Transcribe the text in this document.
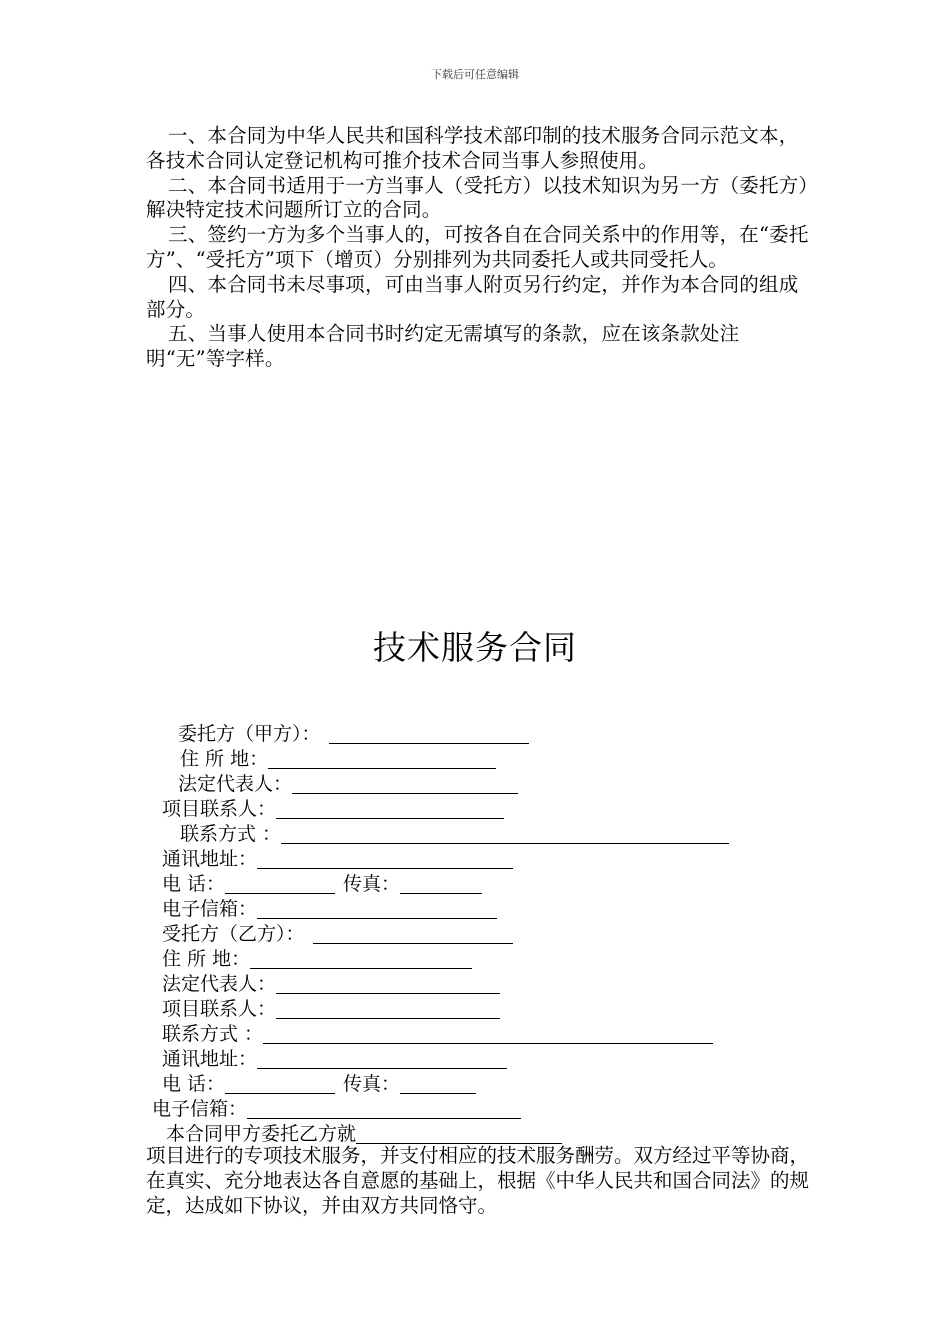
下载后可任意编辑

一、本合同为中华人民共和国科学技术部印制的技术服务合同示范文本，各技术合同认定登记机构可推介技术合同当事人参照使用。

二、本合同书适用于一方当事人（受托方）以技术知识为另一方（委托方）解决特定技术问题所订立的合同。

三、签约一方为多个当事人的，可按各自在合同关系中的作用等，在“委托方”、“受托方”项下（增页）分别排列为共同委托人或共同受托人。

四、本合同书未尽事项，可由当事人附页另行约定，并作为本合同的组成部分。

五、当事人使用本合同书时约定无需填写的条款，应在该条款处注明“无”等字样。

技术服务合同
委托方（甲方）：
住 所 地：
法定代表人：
项目联系人：
联系方式 ：
通讯地址：
电 话：	传真：
电子信箱：
受托方（乙方）：
住 所 地：
法定代表人：
项目联系人：
联系方式 ：
通讯地址：
电 话：	传真：
电子信箱：
本合同甲方委托乙方就

项目进行的专项技术服务，并支付相应的技术服务酬劳。双方经过平等协商，在真实、充分地表达各自意愿的基础上，根据《中华人民共和国合同法》的规定，达成如下协议，并由双方共同恪守。
